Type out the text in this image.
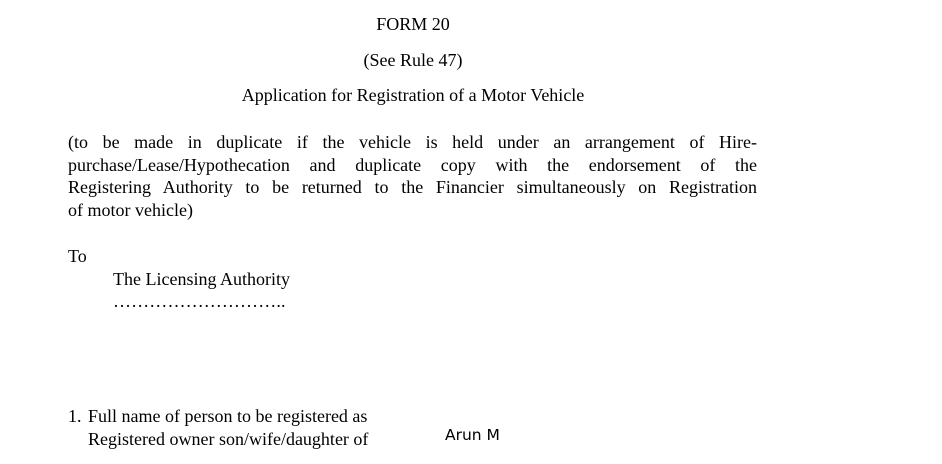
FORM 20
(See Rule 47)
Application for Registration of a Motor Vehicle
(to be made in duplicate if the vehicle is held under an arrangement of Hire-
purchase/Lease/Hypothecation and duplicate copy with the endorsement of the
Registering Authority to be returned to the Financier simultaneously on Registration
of motor vehicle)
To
The Licensing Authority
………………………..
1. Full name of person to be registered as
Registered owner son/wife/daughter of	Arun M
